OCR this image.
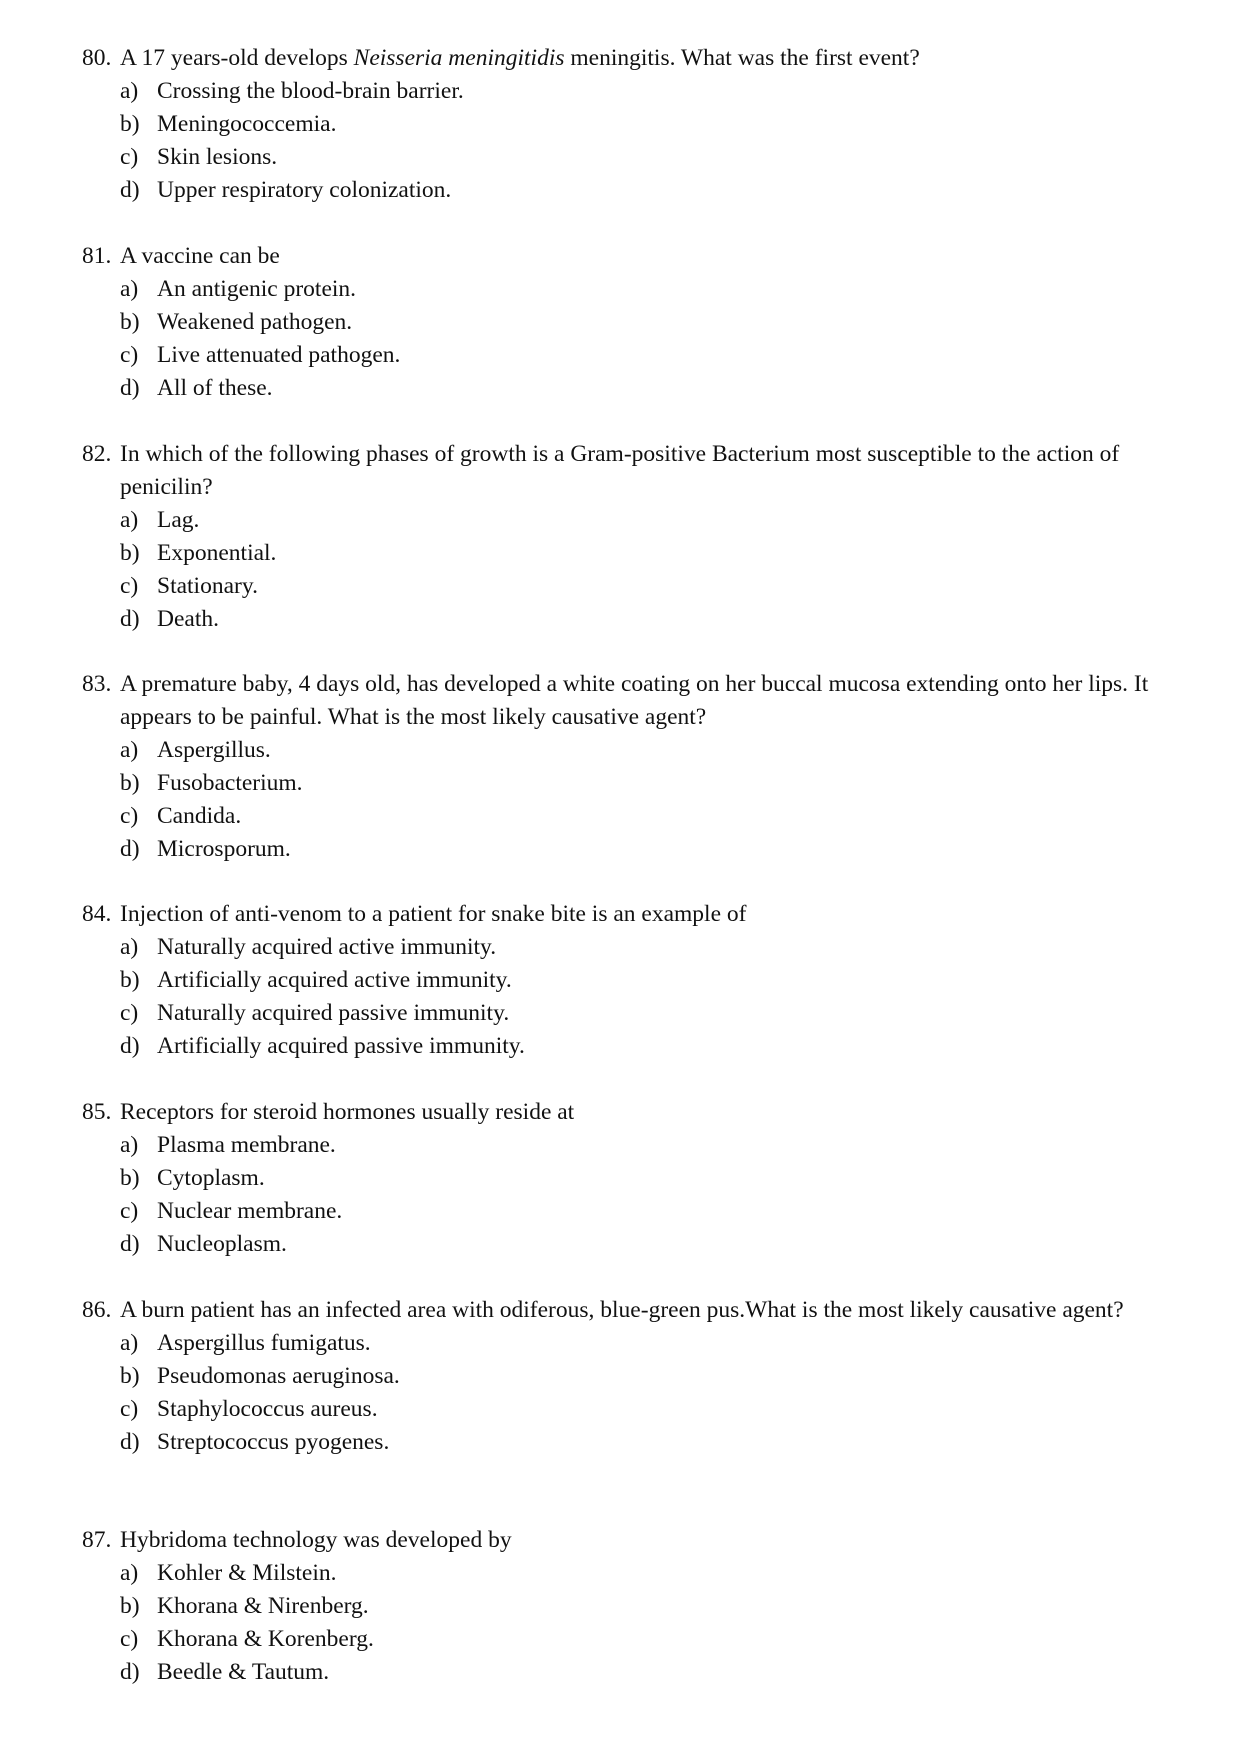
80. A 17 years-old develops Neisseria meningitidis meningitis. What was the first event?
a) Crossing the blood-brain barrier.
b) Meningococcemia.
c) Skin lesions.
d) Upper respiratory colonization.
81. A vaccine can be
a) An antigenic protein.
b) Weakened pathogen.
c) Live attenuated pathogen.
d) All of these.
82. In which of the following phases of growth is a Gram-positive Bacterium most susceptible to the action of penicilin?
a) Lag.
b) Exponential.
c) Stationary.
d) Death.
83. A premature baby, 4 days old, has developed a white coating on her buccal mucosa extending onto her lips. It appears to be painful. What is the most likely causative agent?
a) Aspergillus.
b) Fusobacterium.
c) Candida.
d) Microsporum.
84. Injection of anti-venom to a patient for snake bite is an example of
a) Naturally acquired active immunity.
b) Artificially acquired active immunity.
c) Naturally acquired passive immunity.
d) Artificially acquired passive immunity.
85. Receptors for steroid hormones usually reside at
a) Plasma membrane.
b) Cytoplasm.
c) Nuclear membrane.
d) Nucleoplasm.
86. A burn patient has an infected area with odiferous, blue-green pus.What is the most likely causative agent?
a) Aspergillus fumigatus.
b) Pseudomonas aeruginosa.
c) Staphylococcus aureus.
d) Streptococcus pyogenes.
87. Hybridoma technology was developed by
a) Kohler & Milstein.
b) Khorana & Nirenberg.
c) Khorana & Korenberg.
d) Beedle & Tautum.
